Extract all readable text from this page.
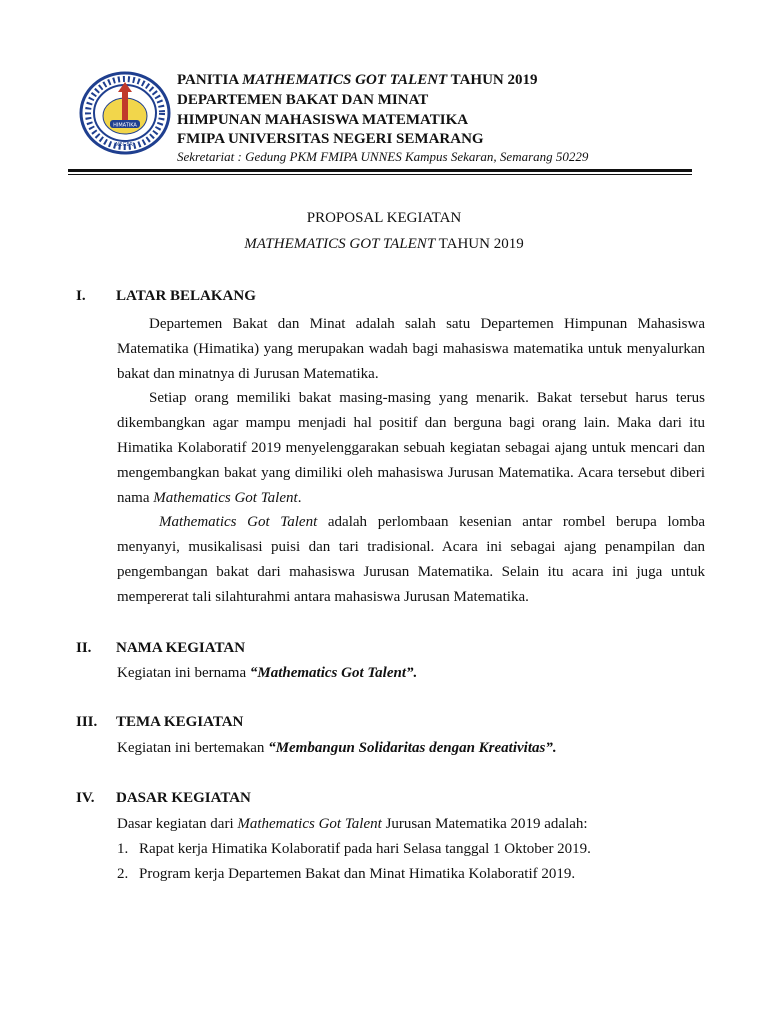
HIMATIKA
NEGERI
PANITIA MATHEMATICS GOT TALENT TAHUN 2019
DEPARTEMEN BAKAT DAN MINAT
HIMPUNAN MAHASISWA MATEMATIKA
FMIPA UNIVERSITAS NEGERI SEMARANG
Sekretariat : Gedung PKM FMIPA UNNES Kampus Sekaran, Semarang 50229
PROPOSAL KEGIATAN
MATHEMATICS GOT TALENT TAHUN 2019
I. LATAR BELAKANG

Departemen Bakat dan Minat adalah salah satu Departemen Himpunan Mahasiswa Matematika (Himatika) yang merupakan wadah bagi mahasiswa matematika untuk menyalurkan bakat dan minatnya di Jurusan Matematika.

Setiap orang memiliki bakat masing-masing yang menarik. Bakat tersebut harus terus dikembangkan agar mampu menjadi hal positif dan berguna bagi orang lain. Maka dari itu Himatika Kolaboratif 2019 menyelenggarakan sebuah kegiatan sebagai ajang untuk mencari dan mengembangkan bakat yang dimiliki oleh mahasiswa Jurusan Matematika. Acara tersebut diberi nama Mathematics Got Talent.

Mathematics Got Talent adalah perlombaan kesenian antar rombel berupa lomba menyanyi, musikalisasi puisi dan tari tradisional. Acara ini sebagai ajang penampilan dan pengembangan bakat dari mahasiswa Jurusan Matematika. Selain itu acara ini juga untuk mempererat tali silahturahmi antara mahasiswa Jurusan Matematika.

II. NAMA KEGIATAN
Kegiatan ini bernama “Mathematics Got Talent”.
III. TEMA KEGIATAN
Kegiatan ini bertemakan “Membangun Solidaritas dengan Kreativitas”.
IV. DASAR KEGIATAN
Dasar kegiatan dari Mathematics Got Talent Jurusan Matematika 2019 adalah:
1. Rapat kerja Himatika Kolaboratif pada hari Selasa tanggal 1 Oktober 2019.
2. Program kerja Departemen Bakat dan Minat Himatika Kolaboratif 2019.
